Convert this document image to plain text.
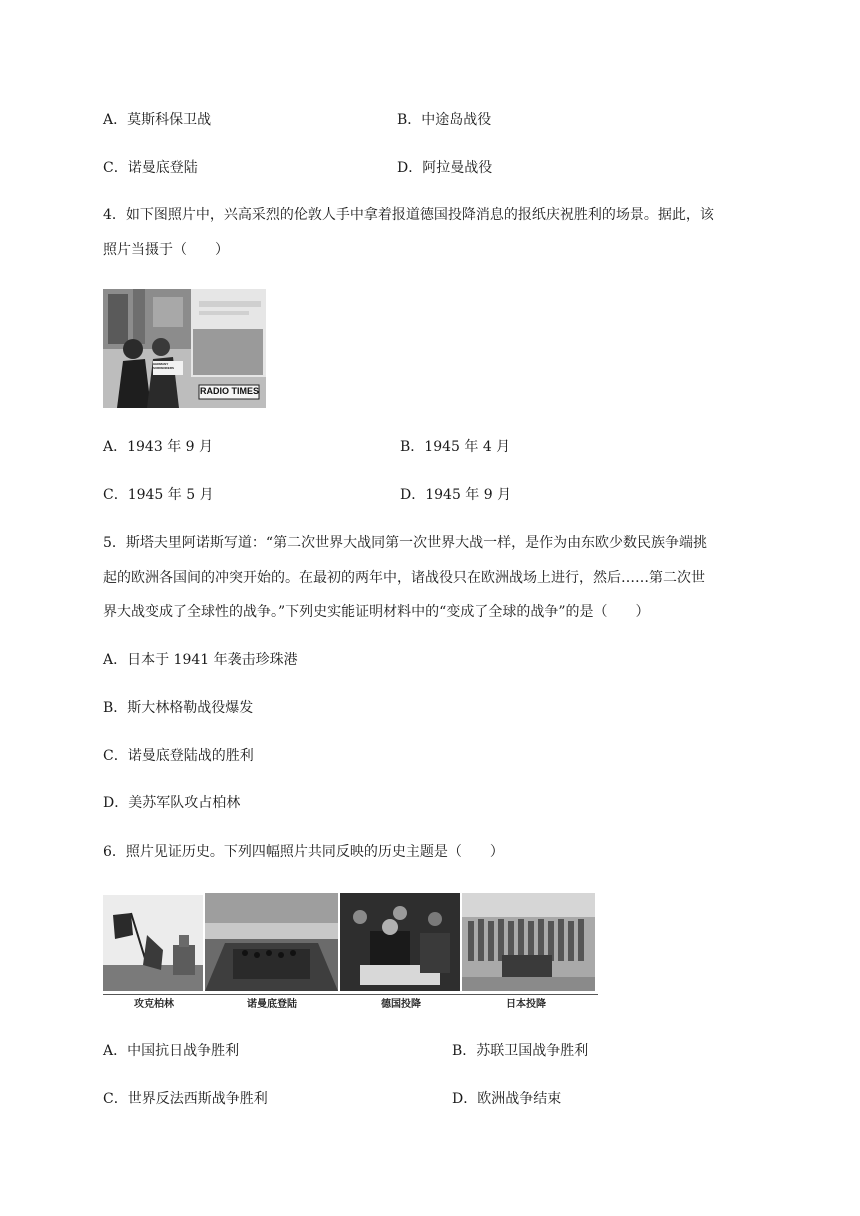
A．莫斯科保卫战	B．中途岛战役
C．诺曼底登陆	D．阿拉曼战役
4．如下图照片中，兴高采烈的伦敦人手中拿着报道德国投降消息的报纸庆祝胜利的场景。据此，该
照片当摄于（　　）
GERMANY SURRENDERS
RADIO TIMES
A．1943 年 9 月	B．1945 年 4 月
C．1945 年 5 月	D．1945 年 9 月
5．斯塔夫里阿诺斯写道：“第二次世界大战同第一次世界大战一样，是作为由东欧少数民族争端挑
起的欧洲各国间的冲突开始的。在最初的两年中，诸战役只在欧洲战场上进行，然后……第二次世
界大战变成了全球性的战争。”下列史实能证明材料中的“变成了全球的战争”的是（　　）
A．日本于 1941 年袭击珍珠港
B．斯大林格勒战役爆发
C．诺曼底登陆战的胜利
D．美苏军队攻占柏林
6．照片见证历史。下列四幅照片共同反映的历史主题是（　　）
攻克柏林	诺曼底登陆	德国投降	日本投降
A．中国抗日战争胜利	B．苏联卫国战争胜利
C．世界反法西斯战争胜利	D．欧洲战争结束
